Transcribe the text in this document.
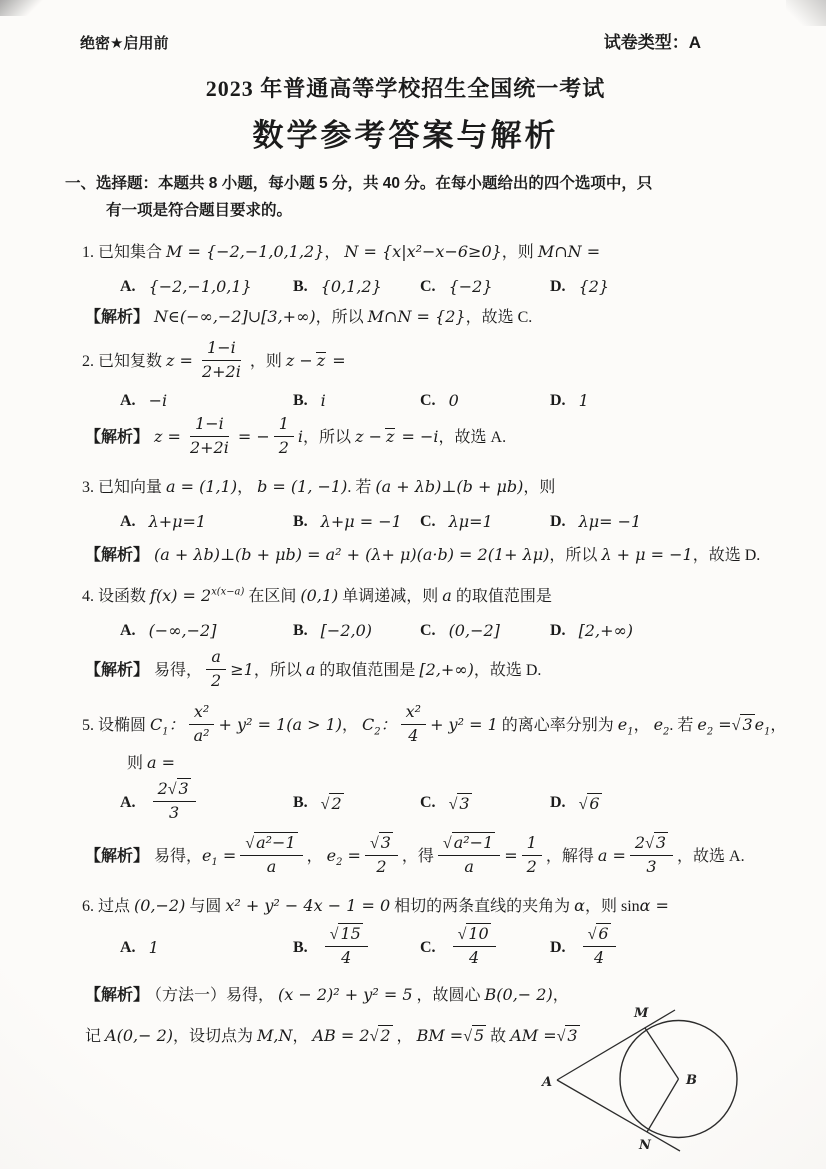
绝密★启用前	试卷类型：A
2023 年普通高等学校招生全国统一考试
数学参考答案与解析

一、选择题：本题共 8 小题，每小题 5 分，共 40 分。在每小题给出的四个选项中，只

有一项是符合题目要求的。

1. 已知集合 M = {−2,−1,0,1,2}， N = {x|x²−x−6≥0}，则 M∩N =

A. {−2,−1,0,1}	B. {0,1,2} C. {−2}	D. {2}

【解析】 N∈(−∞,−2]∪[3,+∞)，所以 M∩N = {2}，故选 C.

2. 已知复数 $z = \frac{1-i}{2+2i}$ ，则 z − z =

A. −i	B. i	C. 0	D. 1

【解析】 $z = \frac{1-i}{2+2i}$ = − $\frac{1}{2}$ i，所以 z − z = −i，故选 A.

3. 已知向量 a = (1,1)， b = (1, −1). 若 (a + λb)⊥(b + μb)，则

A. λ+μ=1	B. λ+μ = −1 C. λμ=1	D. λμ= −1

【解析】 (a + λb)⊥(b + μb) = a² + (λ+ μ)(a·b) = 2(1+ λμ)，所以 λ + μ = −1，故选 D.

4. 设函数 $f(x) = 2^{x(x-a)}$ 在区间 (0,1) 单调递减，则 a 的取值范围是

A. (−∞,−2]	B. [−2,0)	C. (0,−2]	D. [2,+∞)

【解析】 易得， $\frac{a}{2} \ge 1$，所以 a 的取值范围是 [2,+∞)，故选 D.

5. 设椭圆 $C_1$： $\frac{\text{x²}}{\text{a²}} + y^2 = 1(a > 1)$， $C_2$： $\frac{\text{x²}}{4} + y^2 = 1$ 的离心率分别为 $e_1$， $e_2$. 若 $e_2$ =√ 3 $e_1$，

则 a =

A. $\frac{2√ 3}{3}$	B. √ 2	C. √ 3	D. √ 6

【解析】 易得，$e_1 = \frac{\text{√ a²−1}}{a}$ ， $e_2 = \frac{√ 3}{2}$ ，得 $\frac{\text{√ a²−1}}{a} = \frac{1}{2}$ ，解得 $a = \frac{2√ 3}{3}$ ，故选 A.

6. 过点 (0,−2) 与圆 x² + y² − 4x − 1 = 0 相切的两条直线的夹角为 α，则 sinα =

A. 1	B. $\frac{√ 15}{4}$	C. $\frac{√ 10}{4}$	D. $\frac{√ 6}{4}$

【解析】 （方法一）易得， (x − 2)² + y² = 5 ，故圆心 B(0,− 2)，

记 A(0,− 2)，设切点为 M,N， AB = 2√ 2 ， BM =√ 5 故 AM =√ 3

A
M
B
N
